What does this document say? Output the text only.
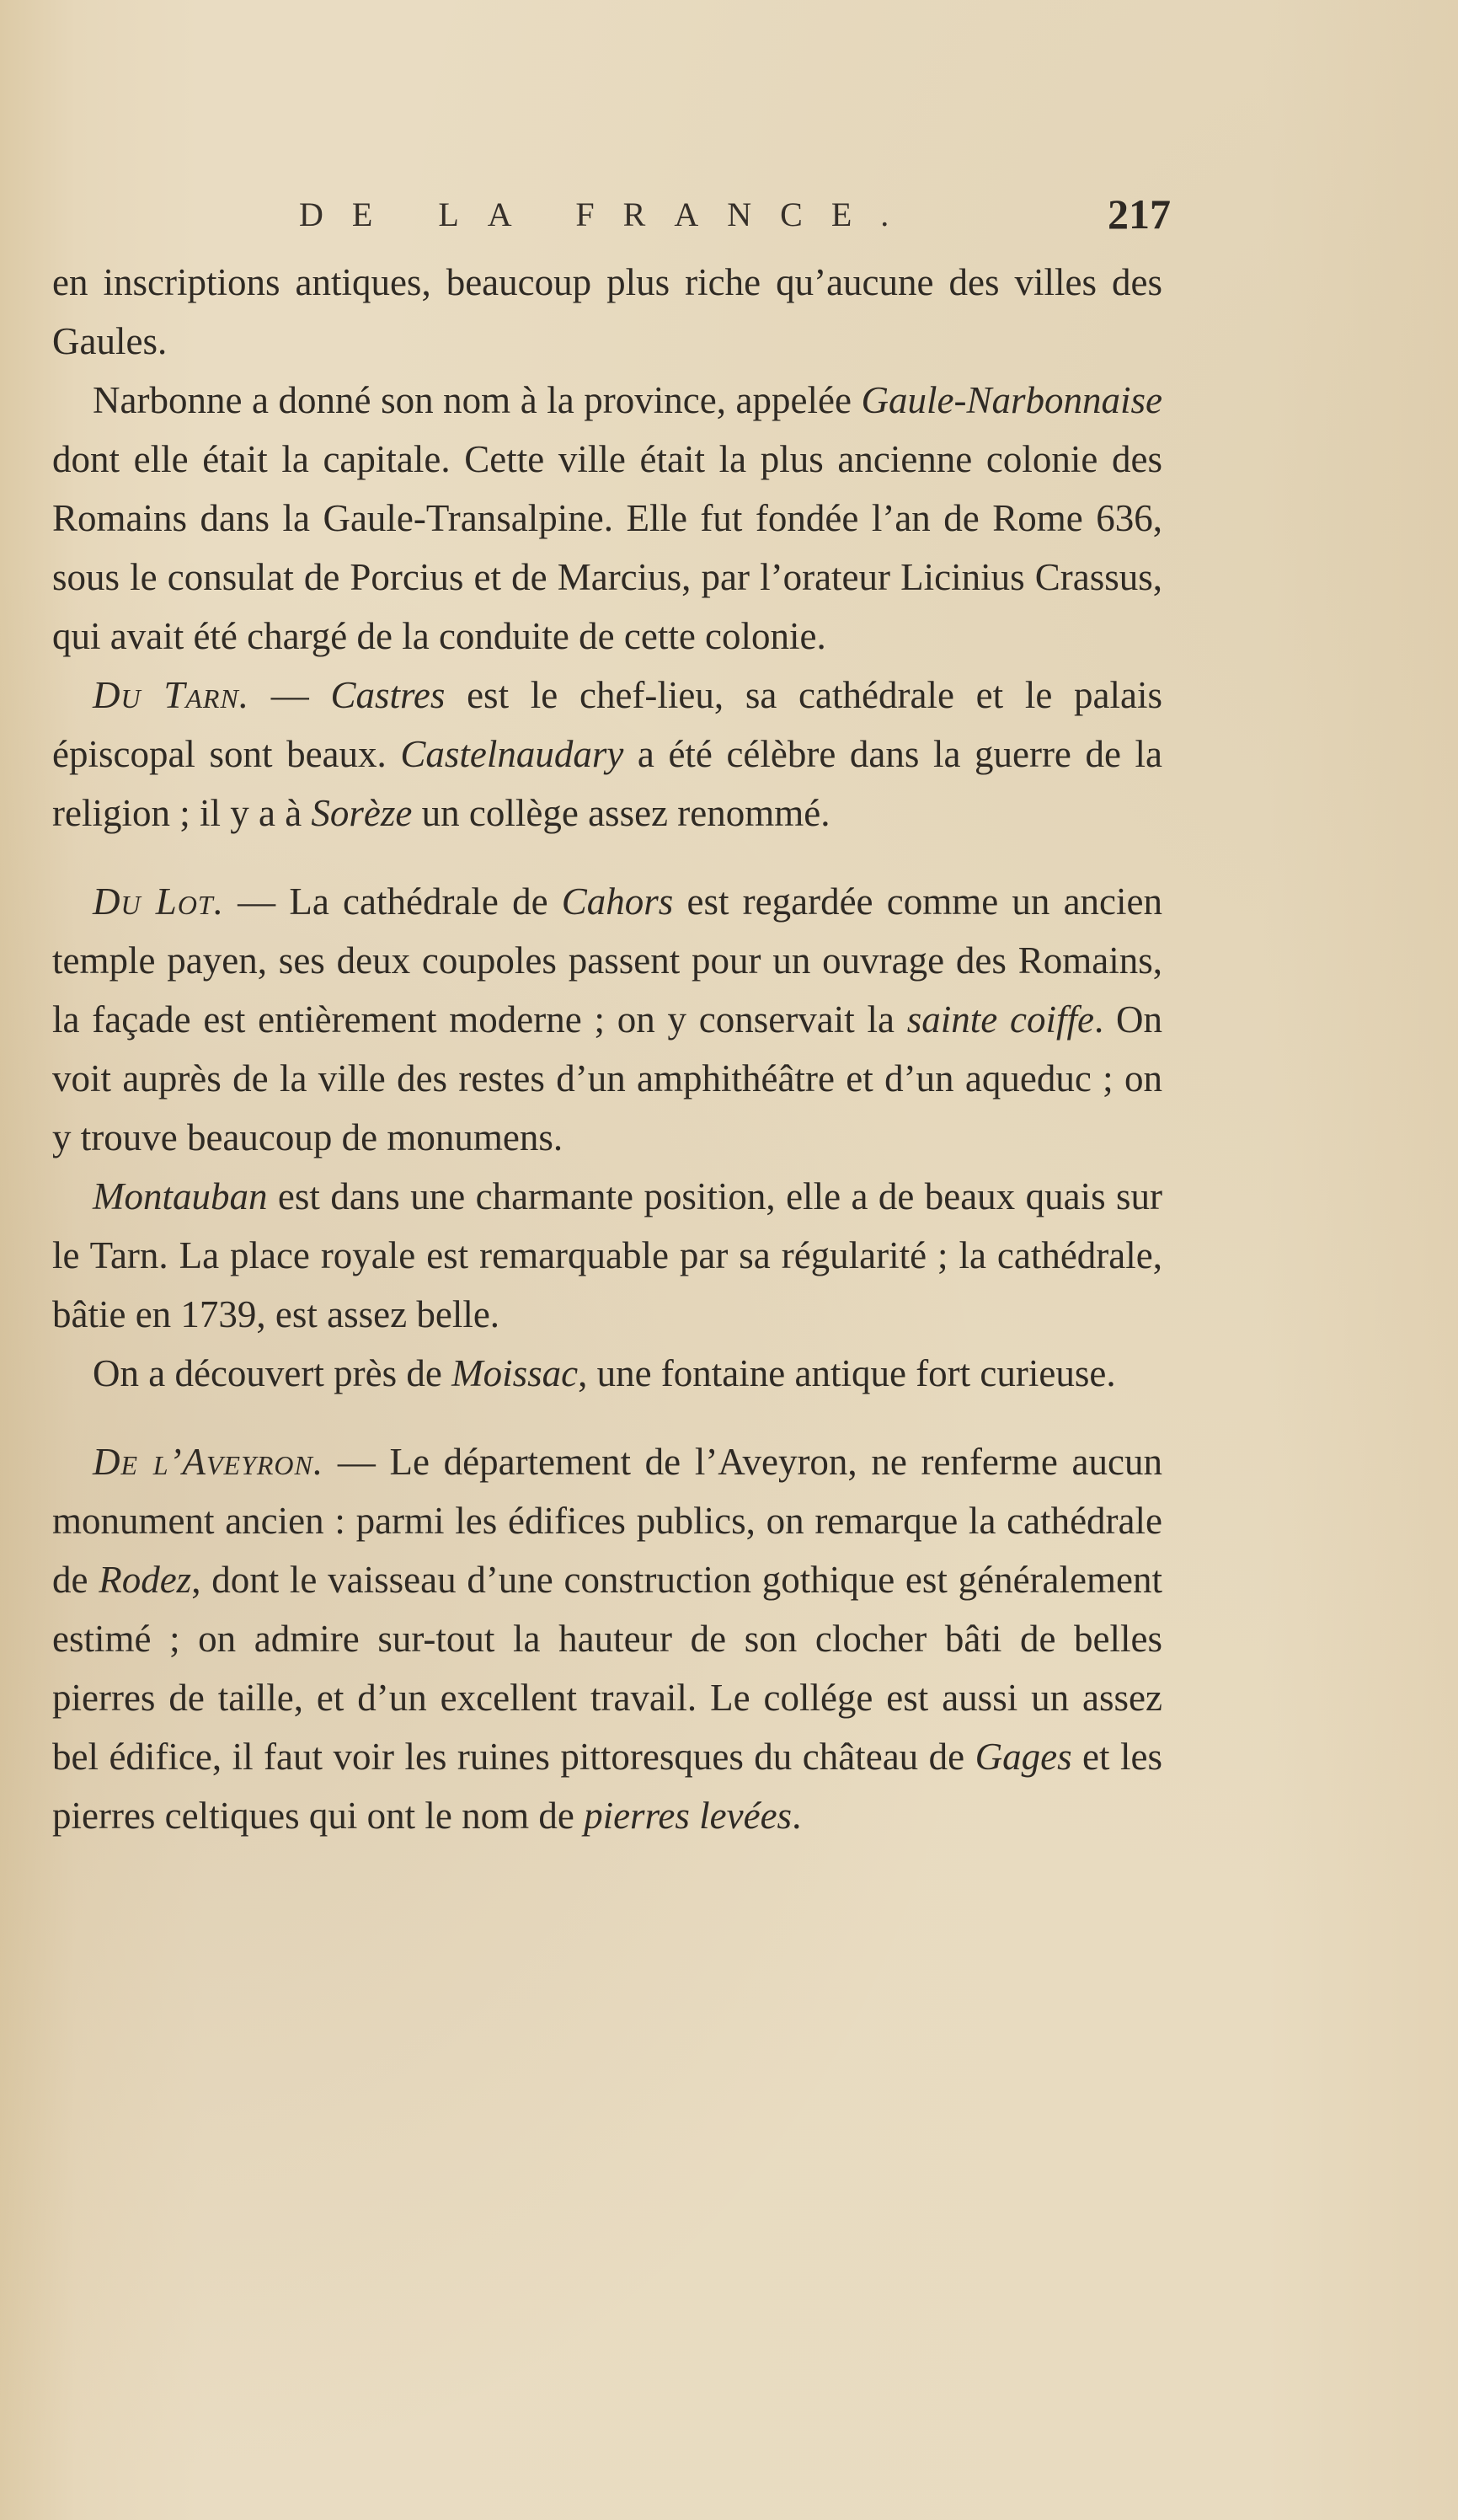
DE LA FRANCE.	217

en inscriptions antiques, beaucoup plus riche qu’aucune des villes des Gaules.

Narbonne a donné son nom à la province, appelée Gaule-Narbonnaise dont elle était la capitale. Cette ville était la plus ancienne colonie des Romains dans la Gaule-Transalpine. Elle fut fondée l’an de Rome 636, sous le consulat de Porcius et de Marcius, par l’orateur Licinius Crassus, qui avait été chargé de la conduite de cette colonie.

Du Tarn. — Castres est le chef-lieu, sa cathédrale et le palais épiscopal sont beaux. Castelnaudary a été célèbre dans la guerre de la religion ; il y a à Sorèze un collège assez renommé.

Du Lot. — La cathédrale de Cahors est regardée comme un ancien temple payen, ses deux coupoles passent pour un ouvrage des Romains, la façade est entièrement moderne ; on y conservait la sainte coiffe. On voit auprès de la ville des restes d’un amphithéâtre et d’un aqueduc ; on y trouve beaucoup de monumens.

Montauban est dans une charmante position, elle a de beaux quais sur le Tarn. La place royale est remarquable par sa régularité ; la cathédrale, bâtie en 1739, est assez belle.

On a découvert près de Moissac, une fontaine antique fort curieuse.

De l’Aveyron. — Le département de l’Aveyron, ne renferme aucun monument ancien : parmi les édifices publics, on remarque la cathédrale de Rodez, dont le vaisseau d’une construction gothique est généralement estimé ; on admire sur-tout la hauteur de son clocher bâti de belles pierres de taille, et d’un excellent travail. Le collége est aussi un assez bel édifice, il faut voir les ruines pittoresques du château de Gages et les pierres celtiques qui ont le nom de pierres levées.
